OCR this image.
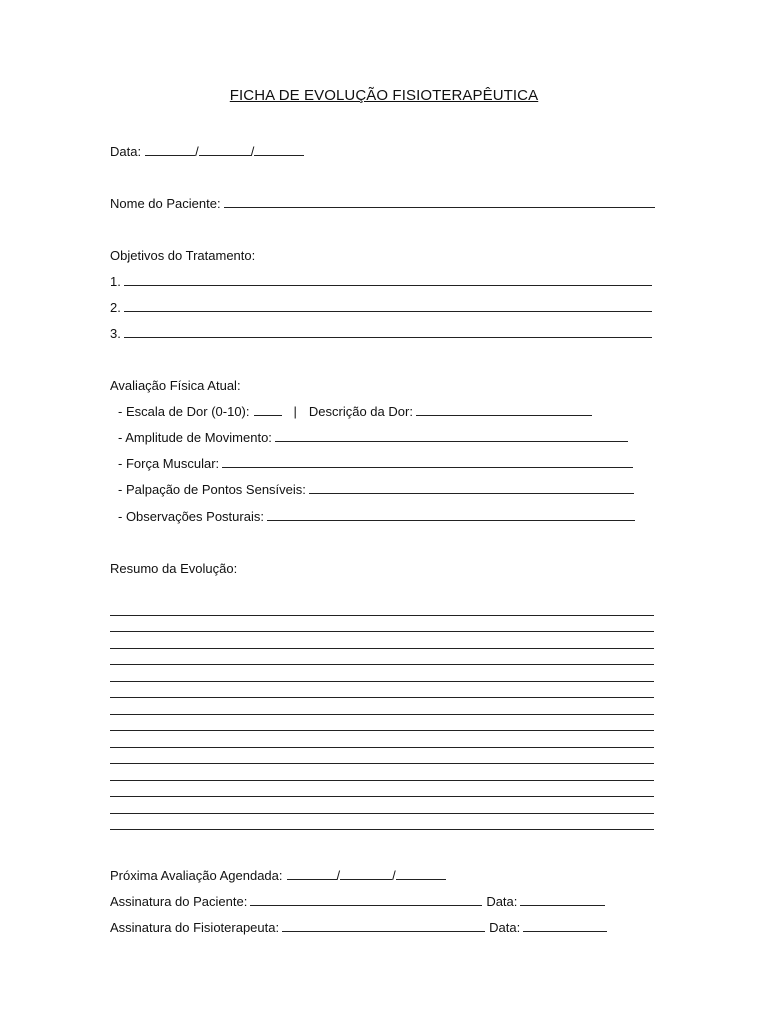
FICHA DE EVOLUÇÃO FISIOTERAPÊUTICA
Data:	/	/
Nome do Paciente:
Objetivos do Tratamento:
1.
2.
3.
Avaliação Física Atual:
- Escala de Dor (0-10):	| Descrição da Dor:
- Amplitude de Movimento:
- Força Muscular:
- Palpação de Pontos Sensíveis:
- Observações Posturais:
Resumo da Evolução:
Próxima Avaliação Agendada:	/	/
Assinatura do Paciente:	Data:
Assinatura do Fisioterapeuta:	Data:
